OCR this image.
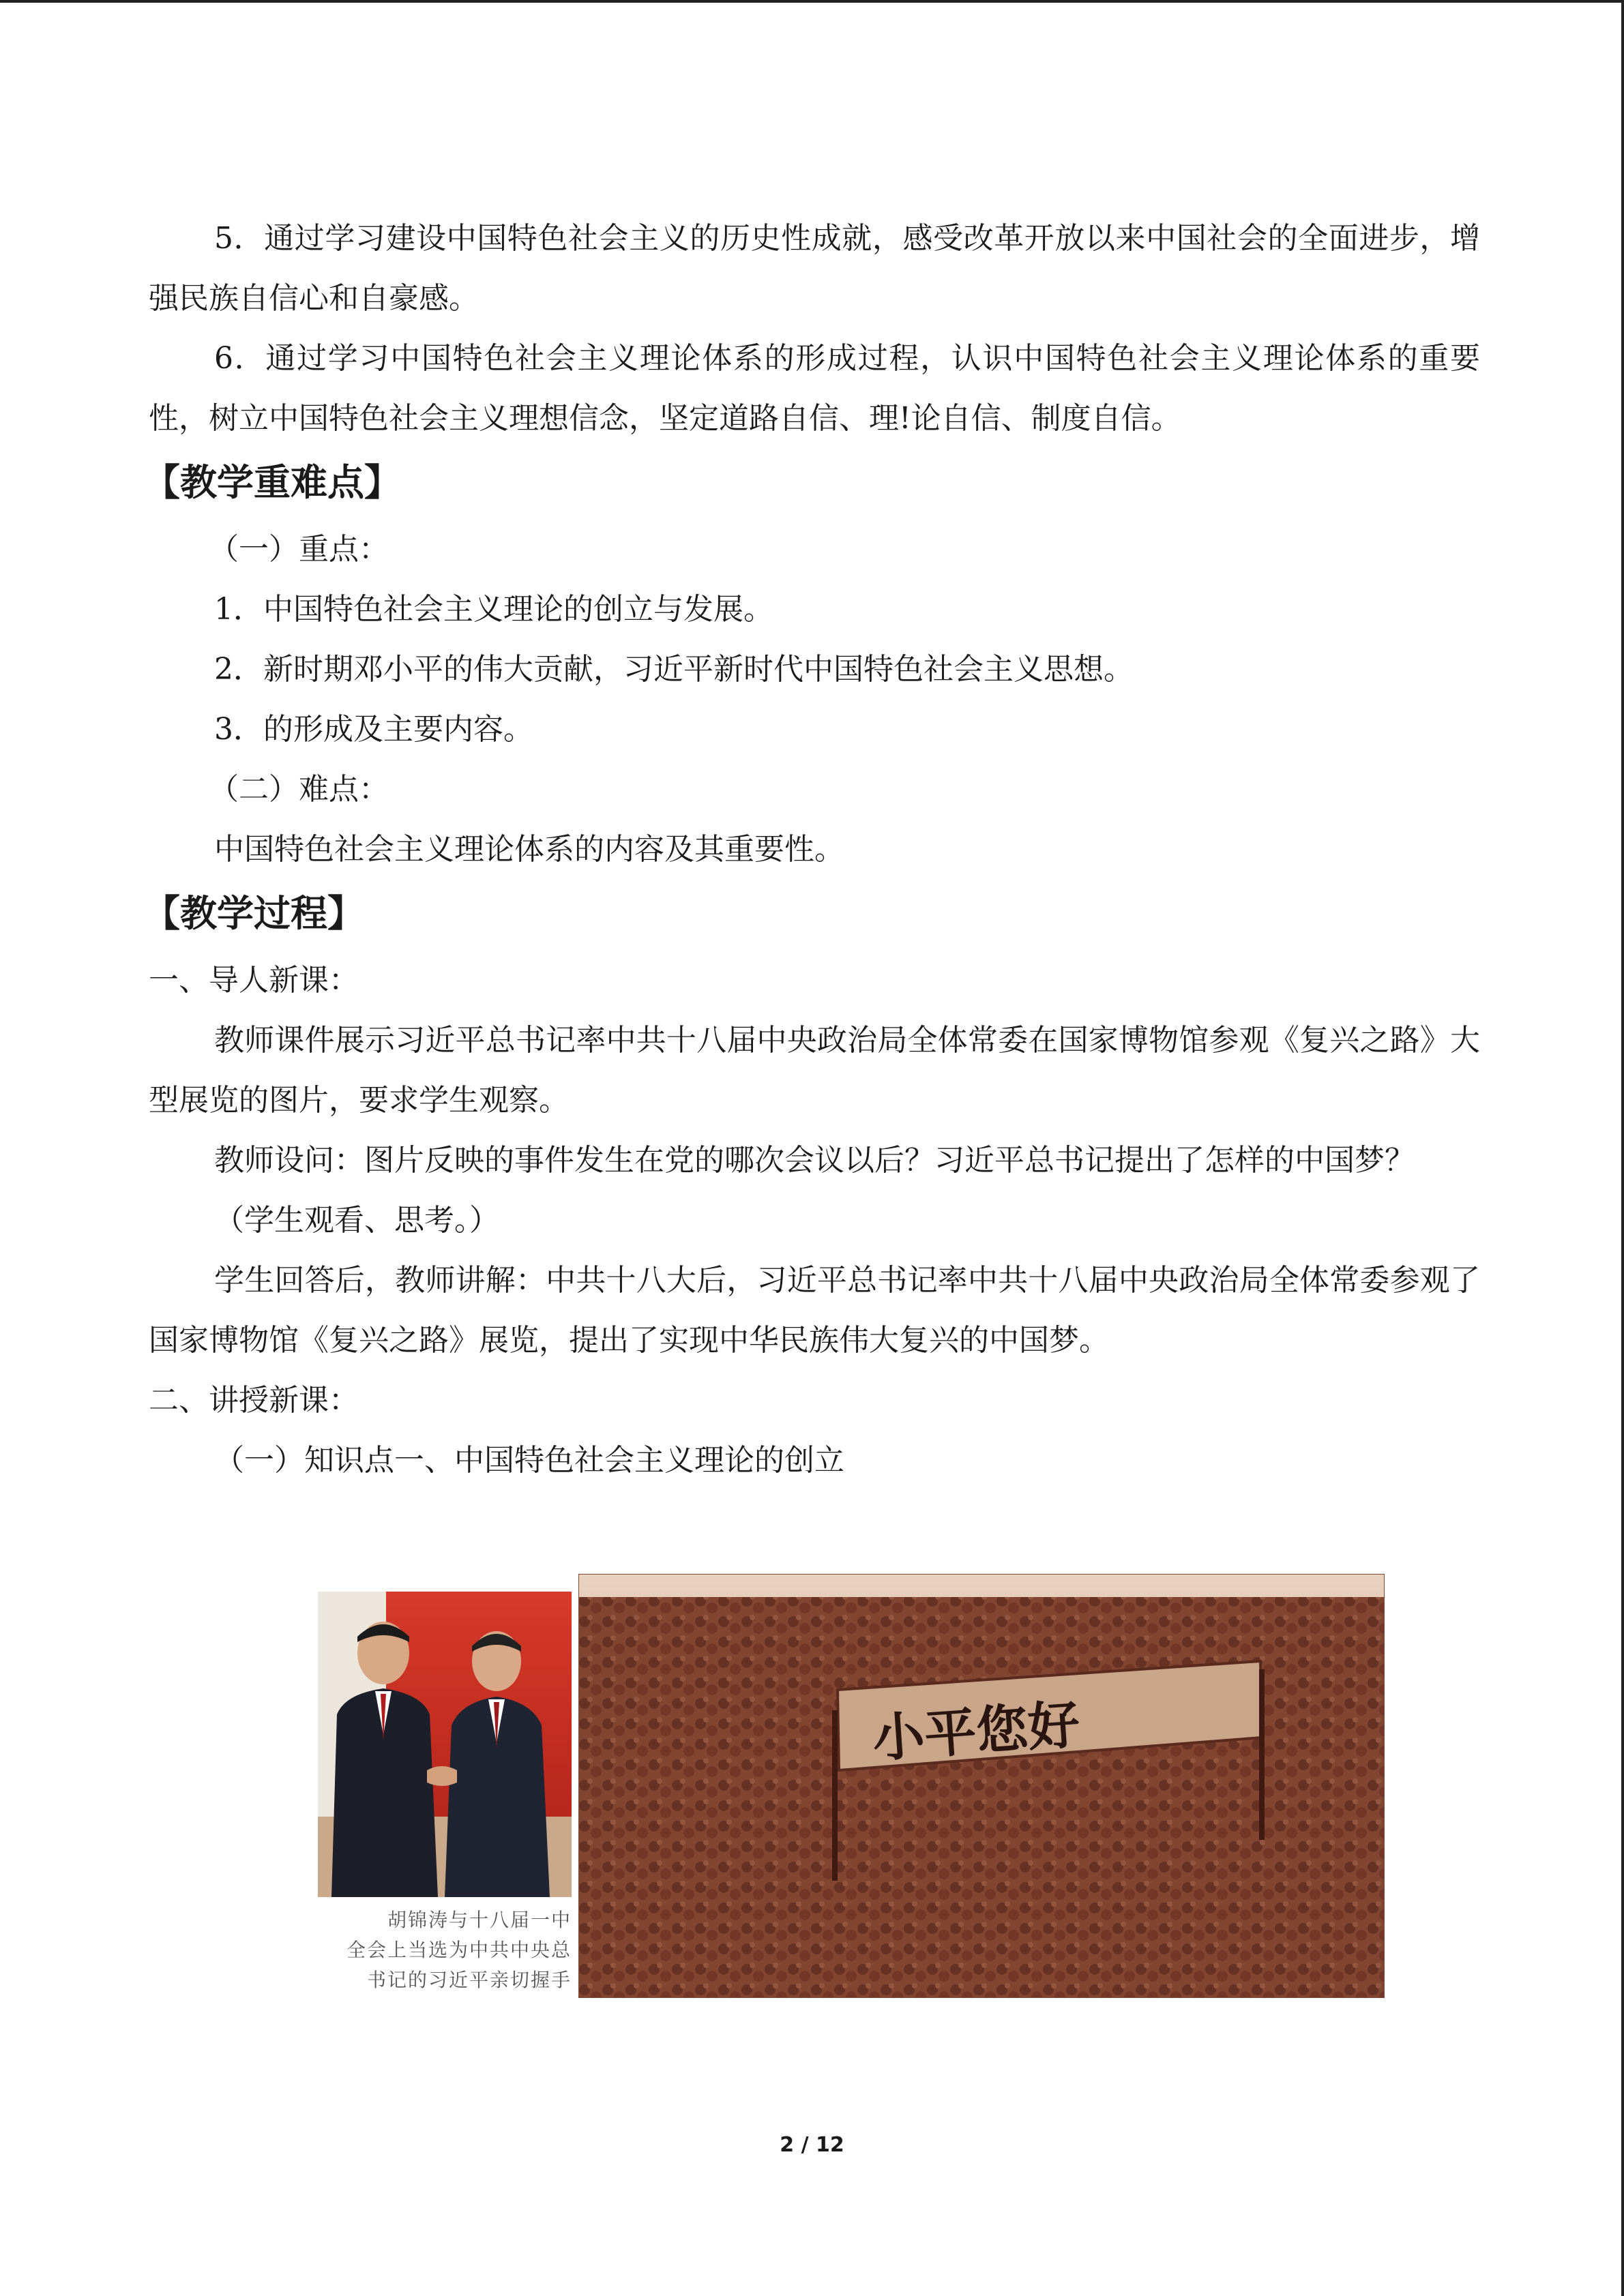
5．通过学习建设中国特色社会主义的历史性成就，感受改革开放以来中国社会的全面进步，增强民族自信心和自豪感。

6．通过学习中国特色社会主义理论体系的形成过程，认识中国特色社会主义理论体系的重要性，树立中国特色社会主义理想信念，坚定道路自信、理!论自信、制度自信。

【教学重难点】

（一）重点：

1．中国特色社会主义理论的创立与发展。

2．新时期邓小平的伟大贡献，习近平新时代中国特色社会主义思想。

3．的形成及主要内容。

（二）难点：

中国特色社会主义理论体系的内容及其重要性。

【教学过程】

一、导人新课：

教师课件展示习近平总书记率中共十八届中央政治局全体常委在国家博物馆参观《复兴之路》大型展览的图片，要求学生观察。

教师设问：图片反映的事件发生在党的哪次会议以后？习近平总书记提出了怎样的中国梦？

（学生观看、思考。）

学生回答后，教师讲解：中共十八大后，习近平总书记率中共十八届中央政治局全体常委参观了国家博物馆《复兴之路》展览，提出了实现中华民族伟大复兴的中国梦。

二、讲授新课：

（一）知识点一、中国特色社会主义理论的创立

胡锦涛与十八届一中
全会上当选为中共中央总
书记的习近平亲切握手
小平您好
2 / 12
